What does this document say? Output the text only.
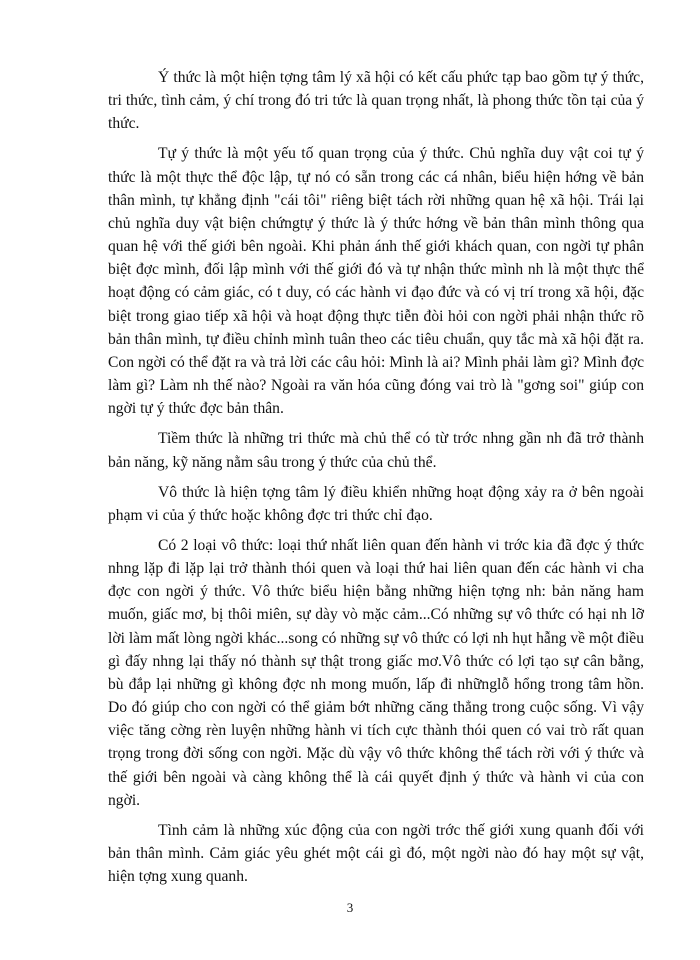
Ý thức là một hiện tợng tâm lý xã hội có kết cấu phức tạp bao gồm tự ý thức, tri thức, tình cảm, ý chí trong đó tri tức là quan trọng nhất, là phong thức tồn tại của ý thức.

Tự ý thức là một yếu tố quan trọng của ý thức. Chủ nghĩa duy vật coi tự ý thức là một thực thể độc lập, tự nó có sẵn trong các cá nhân, biểu hiện hớng về bản thân mình, tự khẳng định "cái tôi" riêng biệt tách rời những quan hệ xã hội. Trái lại chủ nghĩa duy vật biện chứngtự ý thức là ý thức hớng về bản thân mình thông qua quan hệ với thế giới bên ngoài. Khi phản ánh thế giới khách quan, con ngời tự phân biệt đợc mình, đối lập mình với thế giới đó và tự nhận thức mình nh là một thực thể hoạt động có cảm giác, có t duy, có các hành vi đạo đức và có vị trí trong xã hội, đặc biệt trong giao tiếp xã hội và hoạt động thực tiễn đòi hỏi con ngời phải nhận thức rõ bản thân mình, tự điều chỉnh mình tuân theo các tiêu chuẩn, quy tắc mà xã hội đặt ra. Con ngời có thể đặt ra và trả lời các câu hỏi: Mình là ai? Mình phải làm gì? Mình đợc làm gì? Làm nh thế nào? Ngoài ra văn hóa cũng đóng vai trò là "gơng soi" giúp con ngời tự ý thức đợc bản thân.

Tiềm thức là những tri thức mà chủ thể có từ trớc nhng gần nh đã trở thành bản năng, kỹ năng nằm sâu trong ý thức của chủ thể.

Vô thức là hiện tợng tâm lý điều khiển những hoạt động xảy ra ở bên ngoài phạm vi của ý thức hoặc không đợc tri thức chỉ đạo.

Có 2 loại vô thức: loại thứ nhất liên quan đến hành vi trớc kia đã đợc ý thức nhng lặp đi lặp lại trở thành thói quen và loại thứ hai liên quan đến các hành vi cha đợc con ngời ý thức. Vô thức biểu hiện bằng những hiện tợng nh: bản năng ham muốn, giấc mơ, bị thôi miên, sự dày vò mặc cảm...Có những sự vô thức có hại nh lỡ lời làm mất lòng ngời khác...song có những sự vô thức có lợi nh hụt hẫng về một điều gì đấy nhng lại thấy nó thành sự thật trong giấc mơ.Vô thức có lợi tạo sự cân bằng, bù đắp lại những gì không đợc nh mong muốn, lấp đi nhữnglỗ hổng trong tâm hồn. Do đó giúp cho con ngời có thể giảm bớt những căng thẳng trong cuộc sống. Vì vậy việc tăng cờng rèn luyện những hành vi tích cực thành thói quen có vai trò rất quan trọng trong đời sống con ngời. Mặc dù vậy vô thức không thể tách rời với ý thức và thế giới bên ngoài và càng không thể là cái quyết định ý thức và hành vi của con ngời.

Tình cảm là những xúc động của con ngời trớc thế giới xung quanh đối với bản thân mình. Cảm giác yêu ghét một cái gì đó, một ngời nào đó hay một sự vật, hiện tợng xung quanh.

3
